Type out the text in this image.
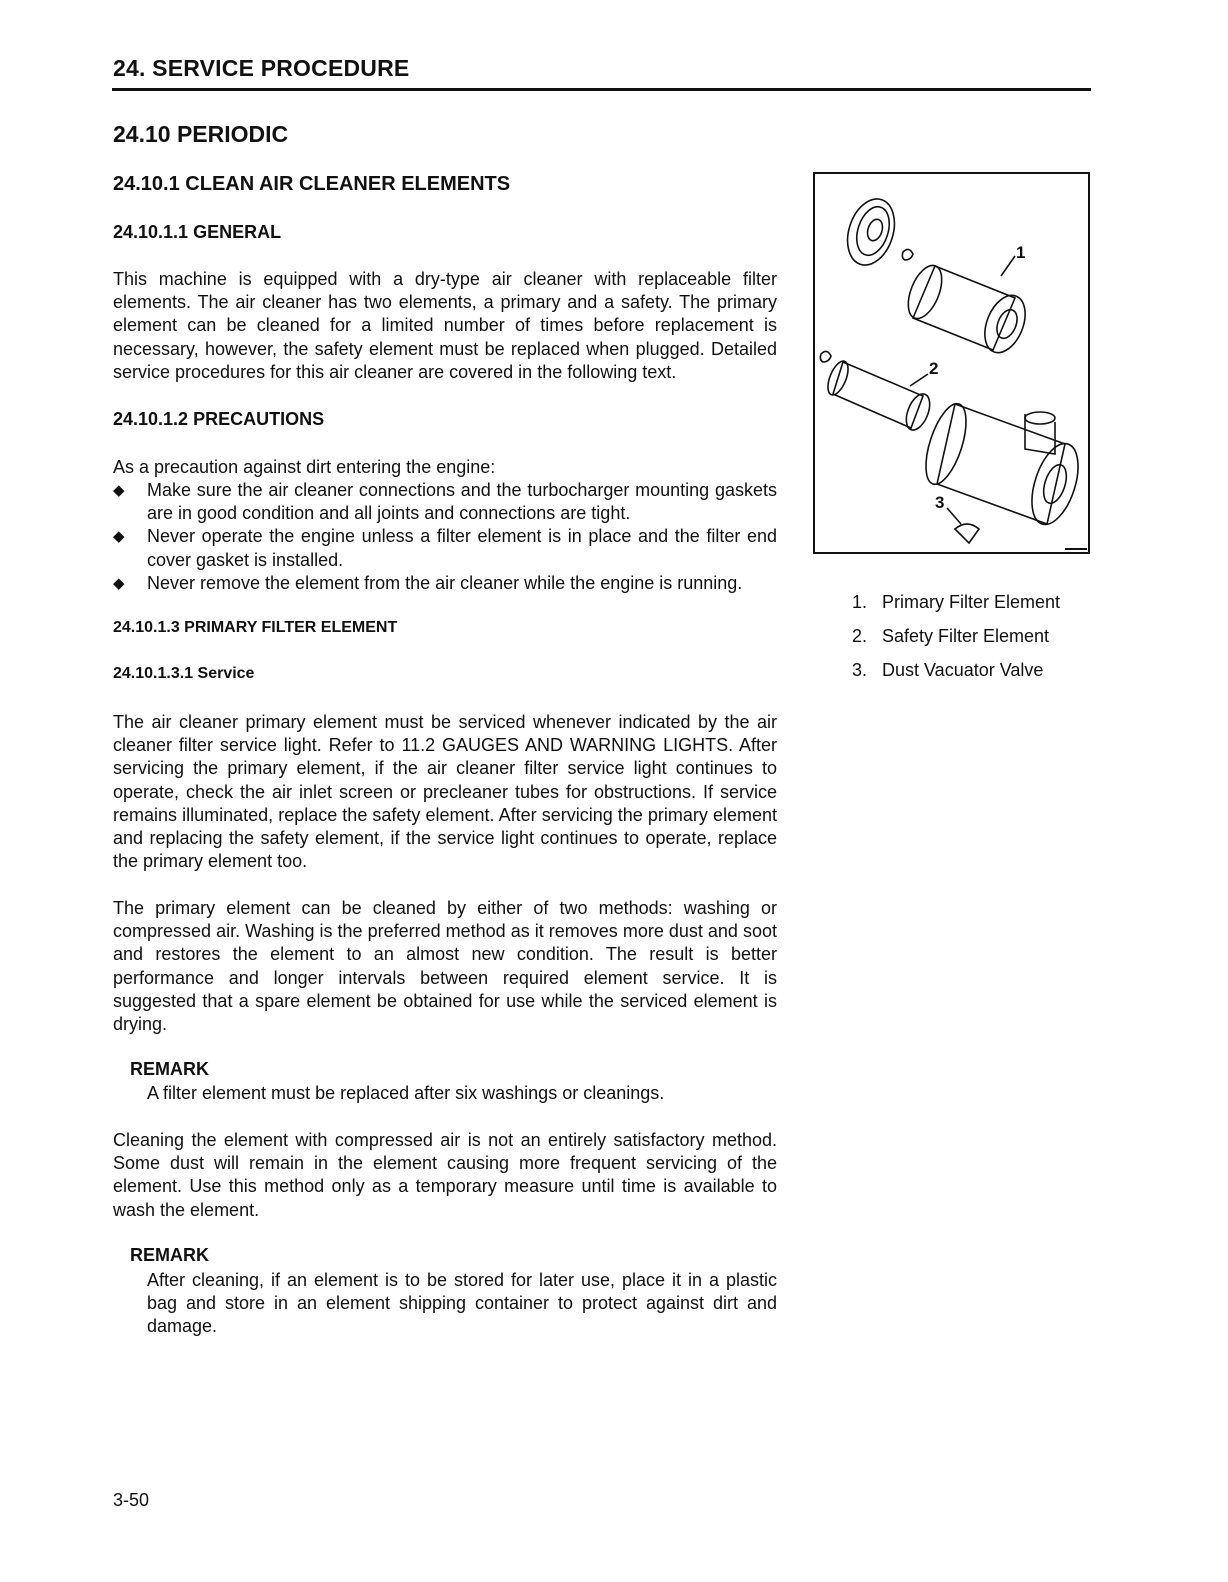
24. SERVICE PROCEDURE
24.10 PERIODIC
24.10.1 CLEAN AIR CLEANER ELEMENTS
24.10.1.1 GENERAL

This machine is equipped with a dry-type air cleaner with replaceable filter elements. The air cleaner has two elements, a primary and a safety. The primary element can be cleaned for a limited number of times before replacement is necessary, however, the safety element must be replaced when plugged. Detailed service procedures for this air cleaner are covered in the following text.

24.10.1.2 PRECAUTIONS

As a precaution against dirt entering the engine:

◆ Make sure the air cleaner connections and the turbocharger mounting gaskets are in good condition and all joints and connections are tight.
◆ Never operate the engine unless a filter element is in place and the filter end cover gasket is installed.
◆ Never remove the element from the air cleaner while the engine is running.
24.10.1.3 PRIMARY FILTER ELEMENT
24.10.1.3.1 Service

The air cleaner primary element must be serviced whenever indicated by the air cleaner filter service light. Refer to 11.2 GAUGES AND WARNING LIGHTS. After servicing the primary element, if the air cleaner filter service light continues to operate, check the air inlet screen or precleaner tubes for obstructions. If service remains illuminated, replace the safety element. After servicing the primary element and replacing the safety element, if the service light continues to operate, replace the primary element too.

The primary element can be cleaned by either of two methods: washing or compressed air. Washing is the preferred method as it removes more dust and soot and restores the element to an almost new condition. The result is better performance and longer intervals between required element service. It is suggested that a spare element be obtained for use while the serviced element is drying.

REMARK

A filter element must be replaced after six washings or cleanings.

Cleaning the element with compressed air is not an entirely satisfactory method. Some dust will remain in the element causing more frequent servicing of the element. Use this method only as a temporary measure until time is available to wash the element.

REMARK

After cleaning, if an element is to be stored for later use, place it in a plastic bag and store in an element shipping container to protect against dirt and damage.

1
2
3
1. Primary Filter Element
2. Safety Filter Element
3. Dust Vacuator Valve
3-50
